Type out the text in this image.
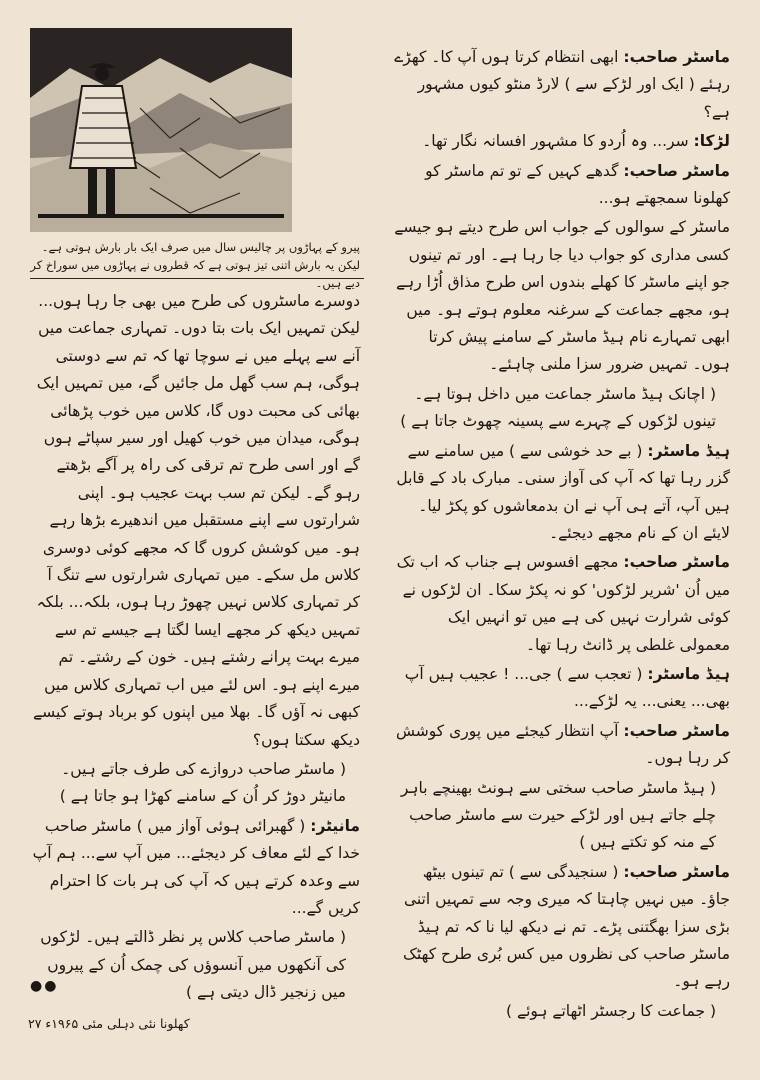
پیرو کے پہاڑوں پر چالیس سال میں صرف ایک بار بارش ہوتی ہے۔ لیکن یہ بارش اتنی تیز ہوتی ہے کہ قطروں نے پہاڑوں میں سوراخ کر دیے ہیں۔

ماسٹر صاحب: ابھی انتظام کرتا ہوں آپ کا۔ کھڑے رہئے ( ایک اور لڑکے سے ) لارڈ منٹو کیوں مشہور ہے؟

لڑکا: سر... وہ اُردو کا مشہور افسانہ نگار تھا۔

ماسٹر صاحب: گدھے کہیں کے تو تم ماسٹر کو کھلونا سمجھتے ہو...

ماسٹر کے سوالوں کے جواب اس طرح دیتے ہو جیسے کسی مداری کو جواب دیا جا رہا ہے۔ اور تم تینوں جو اپنے ماسٹر کا کھلے بندوں اس طرح مذاق اُڑا رہے ہو، مجھے جماعت کے سرغنہ معلوم ہوتے ہو۔ میں ابھی تمہارے نام ہیڈ ماسٹر کے سامنے پیش کرتا ہوں۔ تمہیں ضرور سزا ملنی چاہئے۔

( اچانک ہیڈ ماسٹر جماعت میں داخل ہوتا ہے۔ تینوں لڑکوں کے چہرے سے پسینہ چھوٹ جاتا ہے )

ہیڈ ماسٹر: ( بے حد خوشی سے ) میں سامنے سے گزر رہا تھا کہ آپ کی آواز سنی۔ مبارک باد کے قابل ہیں آپ، آتے ہی آپ نے ان بدمعاشوں کو پکڑ لیا۔ لایئے ان کے نام مجھے دیجئے۔

ماسٹر صاحب: مجھے افسوس ہے جناب کہ اب تک میں اُن 'شریر لڑکوں' کو نہ پکڑ سکا۔ ان لڑکوں نے کوئی شرارت نہیں کی ہے میں تو انہیں ایک معمولی غلطی پر ڈانٹ رہا تھا۔

ہیڈ ماسٹر: ( تعجب سے ) جی... ! عجیب ہیں آپ بھی... یعنی... یہ لڑکے...

ماسٹر صاحب: آپ انتظار کیجئے میں پوری کوشش کر رہا ہوں۔

( ہیڈ ماسٹر صاحب سختی سے ہونٹ بھینچے باہر چلے جاتے ہیں اور لڑکے حیرت سے ماسٹر صاحب کے منہ کو تکتے ہیں )

ماسٹر صاحب: ( سنجیدگی سے ) تم تینوں بیٹھ جاؤ۔ میں نہیں چاہتا کہ میری وجہ سے تمہیں اتنی بڑی سزا بھگتنی پڑے۔ تم نے دیکھ لیا نا کہ تم ہیڈ ماسٹر صاحب کی نظروں میں کس بُری طرح کھٹک رہے ہو۔

( جماعت کا رجسٹر اٹھاتے ہوئے )

دوسرے ماسٹروں کی طرح میں بھی جا رہا ہوں... لیکن تمہیں ایک بات بتا دوں۔ تمہاری جماعت میں آنے سے پہلے میں نے سوچا تھا کہ تم سے دوستی ہوگی، ہم سب گھل مل جائیں گے، میں تمہیں ایک بھائی کی محبت دوں گا، کلاس میں خوب پڑھائی ہوگی، میدان میں خوب کھیل اور سیر سپاٹے ہوں گے اور اسی طرح تم ترقی کی راہ پر آگے بڑھتے رہو گے۔ لیکن تم سب بہت عجیب ہو۔ اپنی شرارتوں سے اپنے مستقبل میں اندھیرے بڑھا رہے ہو۔ میں کوشش کروں گا کہ مجھے کوئی دوسری کلاس مل سکے۔ میں تمہاری شرارتوں سے تنگ آ کر تمہاری کلاس نہیں چھوڑ رہا ہوں، بلکہ... بلکہ تمہیں دیکھ کر مجھے ایسا لگتا ہے جیسے تم سے میرے بہت پرانے رشتے ہیں۔ خون کے رشتے۔ تم میرے اپنے ہو۔ اس لئے میں اب تمہاری کلاس میں کبھی نہ آؤں گا۔ بھلا میں اپنوں کو برباد ہوتے کیسے دیکھ سکتا ہوں؟

( ماسٹر صاحب دروازے کی طرف جاتے ہیں۔ مانیٹر دوڑ کر اُن کے سامنے کھڑا ہو جاتا ہے )

مانیٹر: ( گھبرائی ہوئی آواز میں ) ماسٹر صاحب خدا کے لئے معاف کر دیجئے... میں آپ سے... ہم آپ سے وعدہ کرتے ہیں کہ آپ کی ہر بات کا احترام کریں گے...

( ماسٹر صاحب کلاس پر نظر ڈالتے ہیں۔ لڑکوں کی آنکھوں میں آنسوؤں کی چمک اُن کے پیروں میں زنجیر ڈال دیتی ہے )

●●
کھلونا نئی دہلی مئی ۱۹۶۵ء ۲۷
